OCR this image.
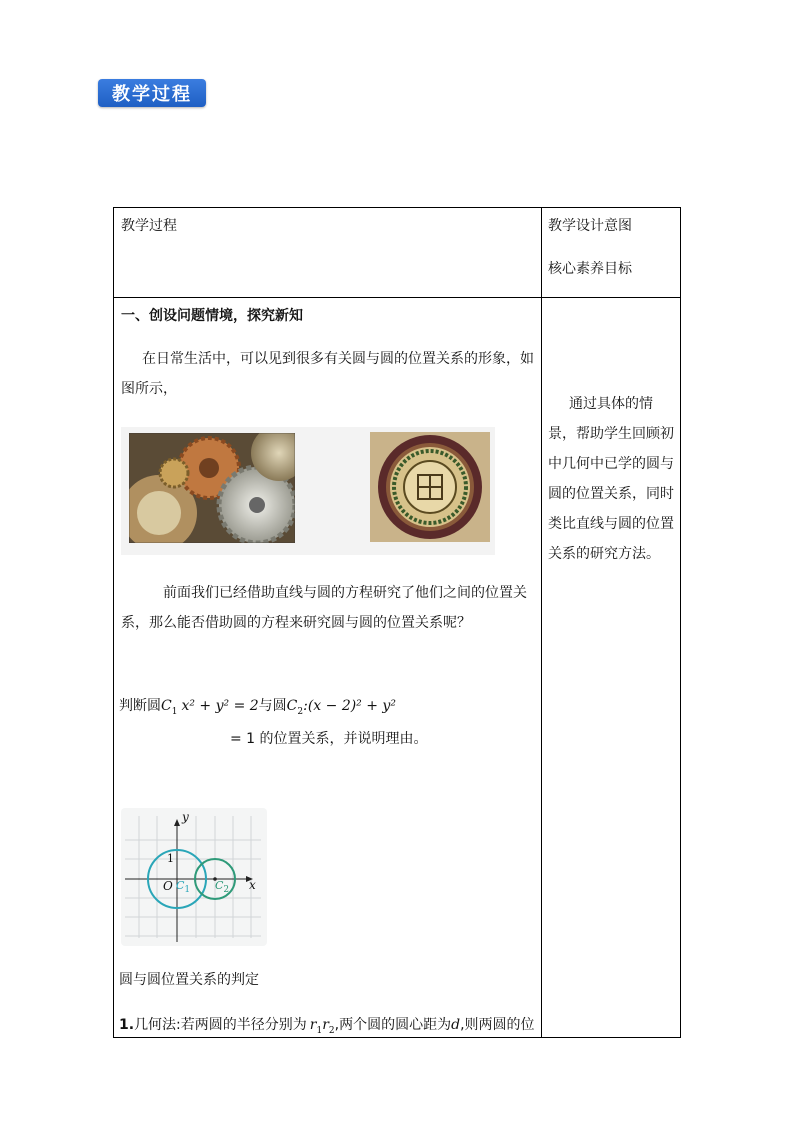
教学过程
教学过程	教学设计意图
核心素养目标
一、创设问题情境，探究新知
在日常生活中，可以见到很多有关圆与圆的位置关系的形象，如图所示，
前面我们已经借助直线与圆的方程研究了他们之间的位置关系，那么能否借助圆的方程来研究圆与圆的位置关系呢？
判断圆$C_1$ x² + y² = 2与圆$C_2:(x - 2)^2 + y^2$
= 1 的位置关系，并说明理由。
y
x
O
1
$C_1$ $C_2$
圆与圆位置关系的判定
1.几何法:若两圆的半径分别为 $r_1r_2$,两个圆的圆心距为d,则两圆的位
通过具体的情景，帮助学生回顾初中几何中已学的圆与圆的位置关系，同时类比直线与圆的位置关系的研究方法。
